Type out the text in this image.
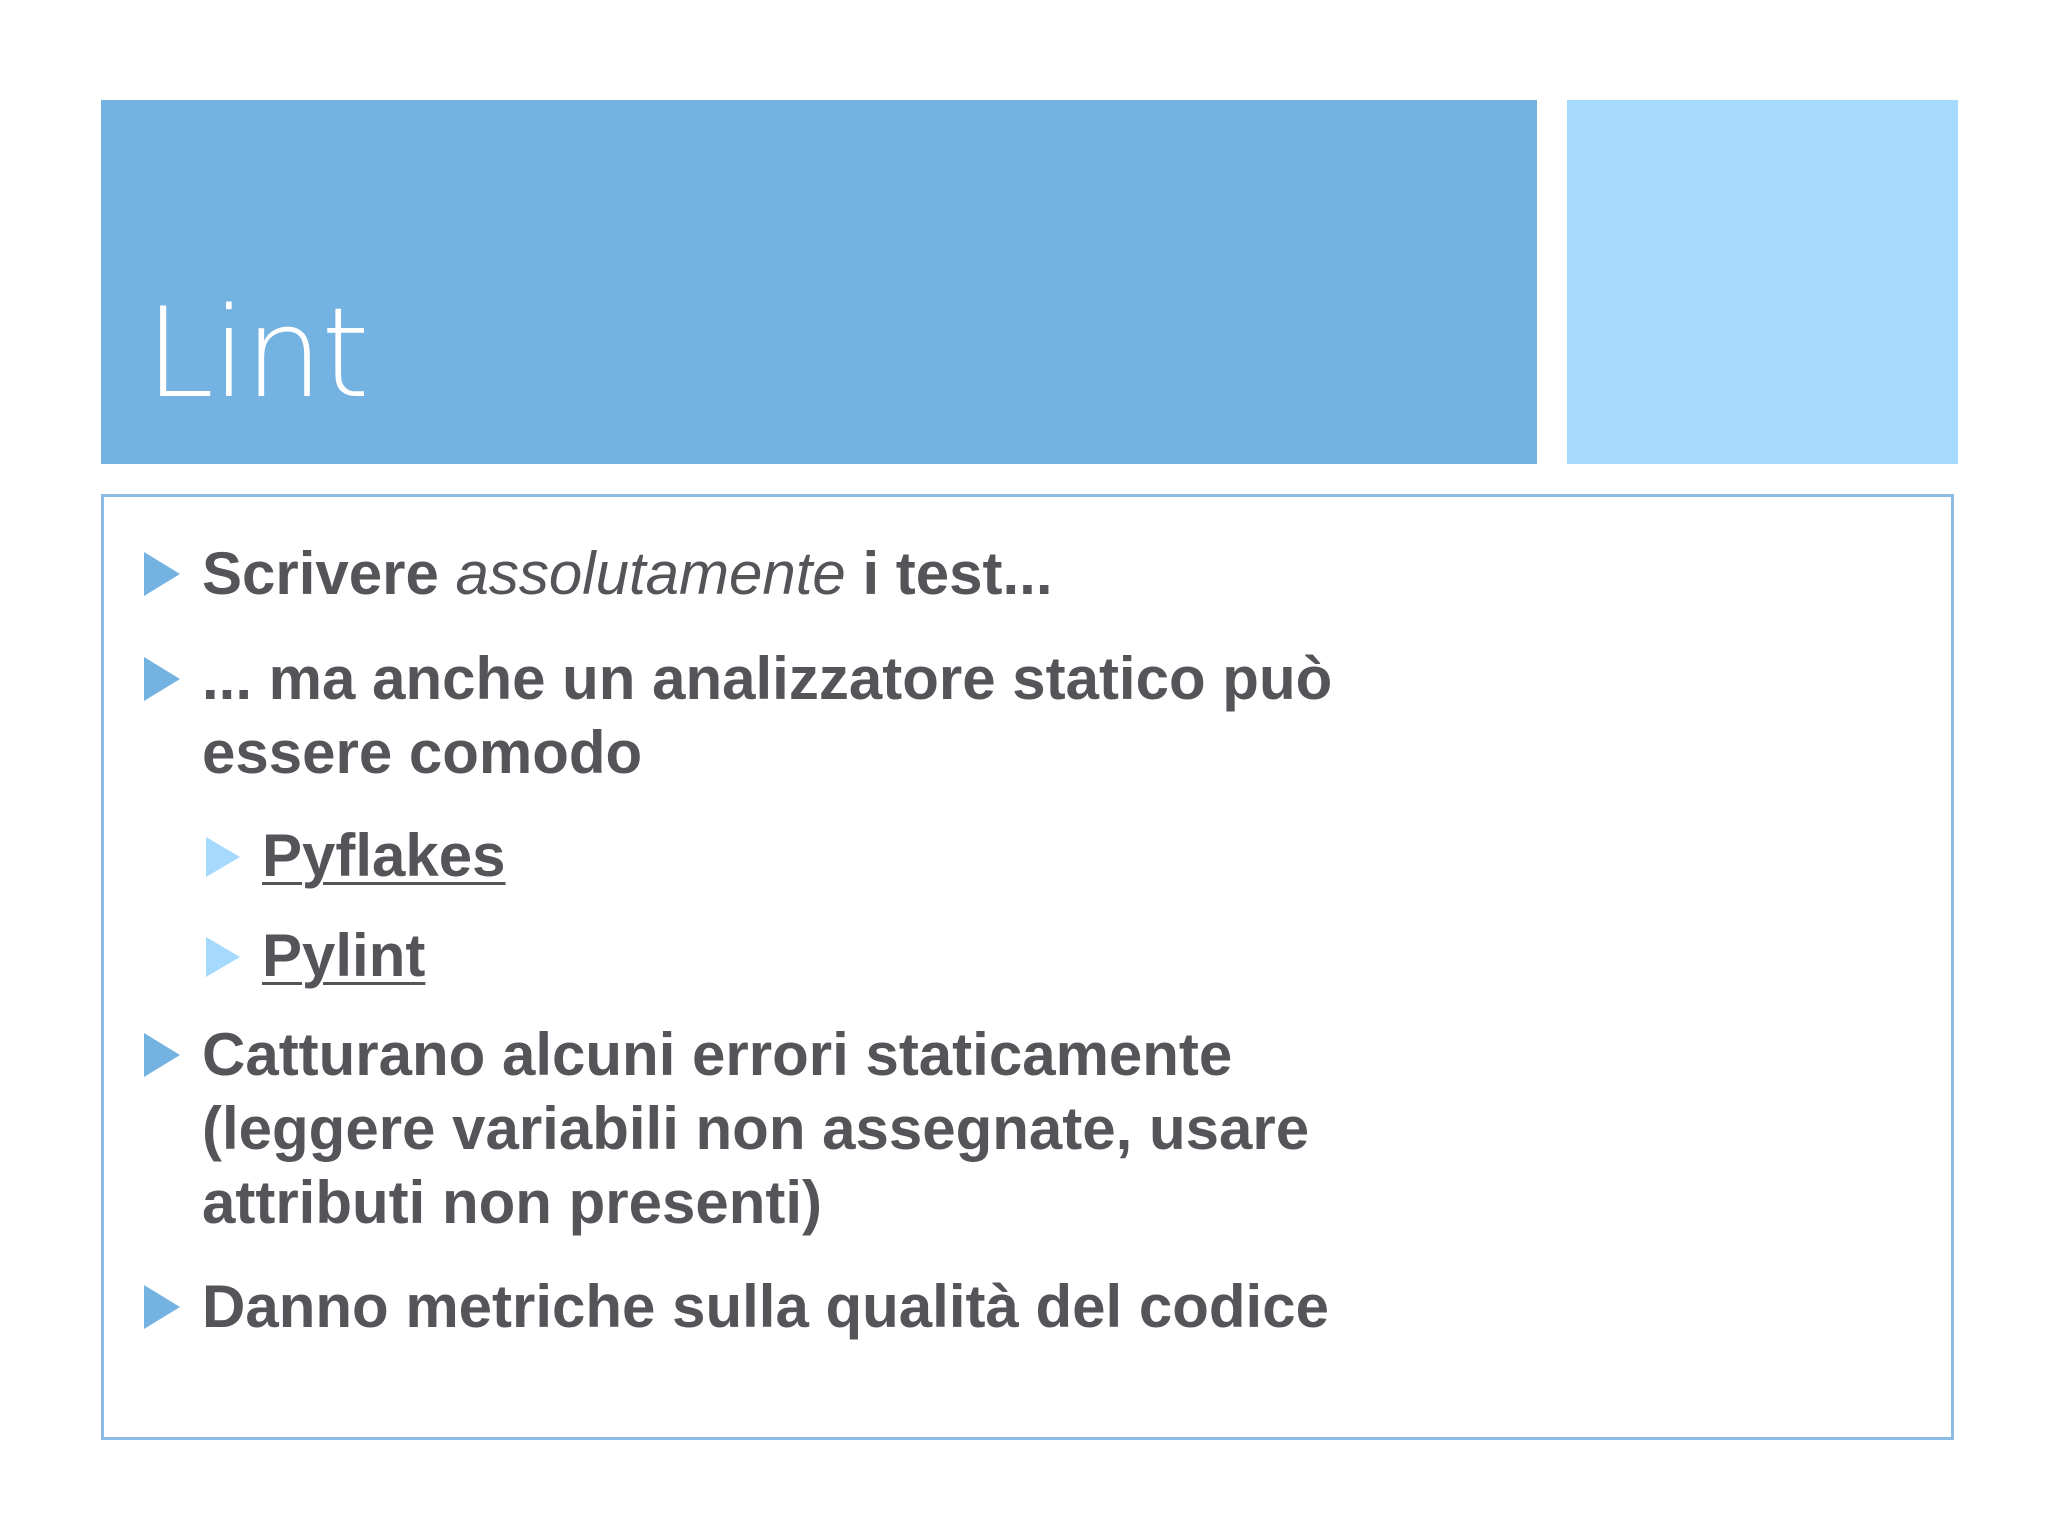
Lint
Scrivere assolutamente i test...
... ma anche un analizzatore statico può essere comodo
Pyflakes
Pylint
Catturano alcuni errori staticamente (leggere variabili non assegnate, usare attributi non presenti)
Danno metriche sulla qualità del codice
